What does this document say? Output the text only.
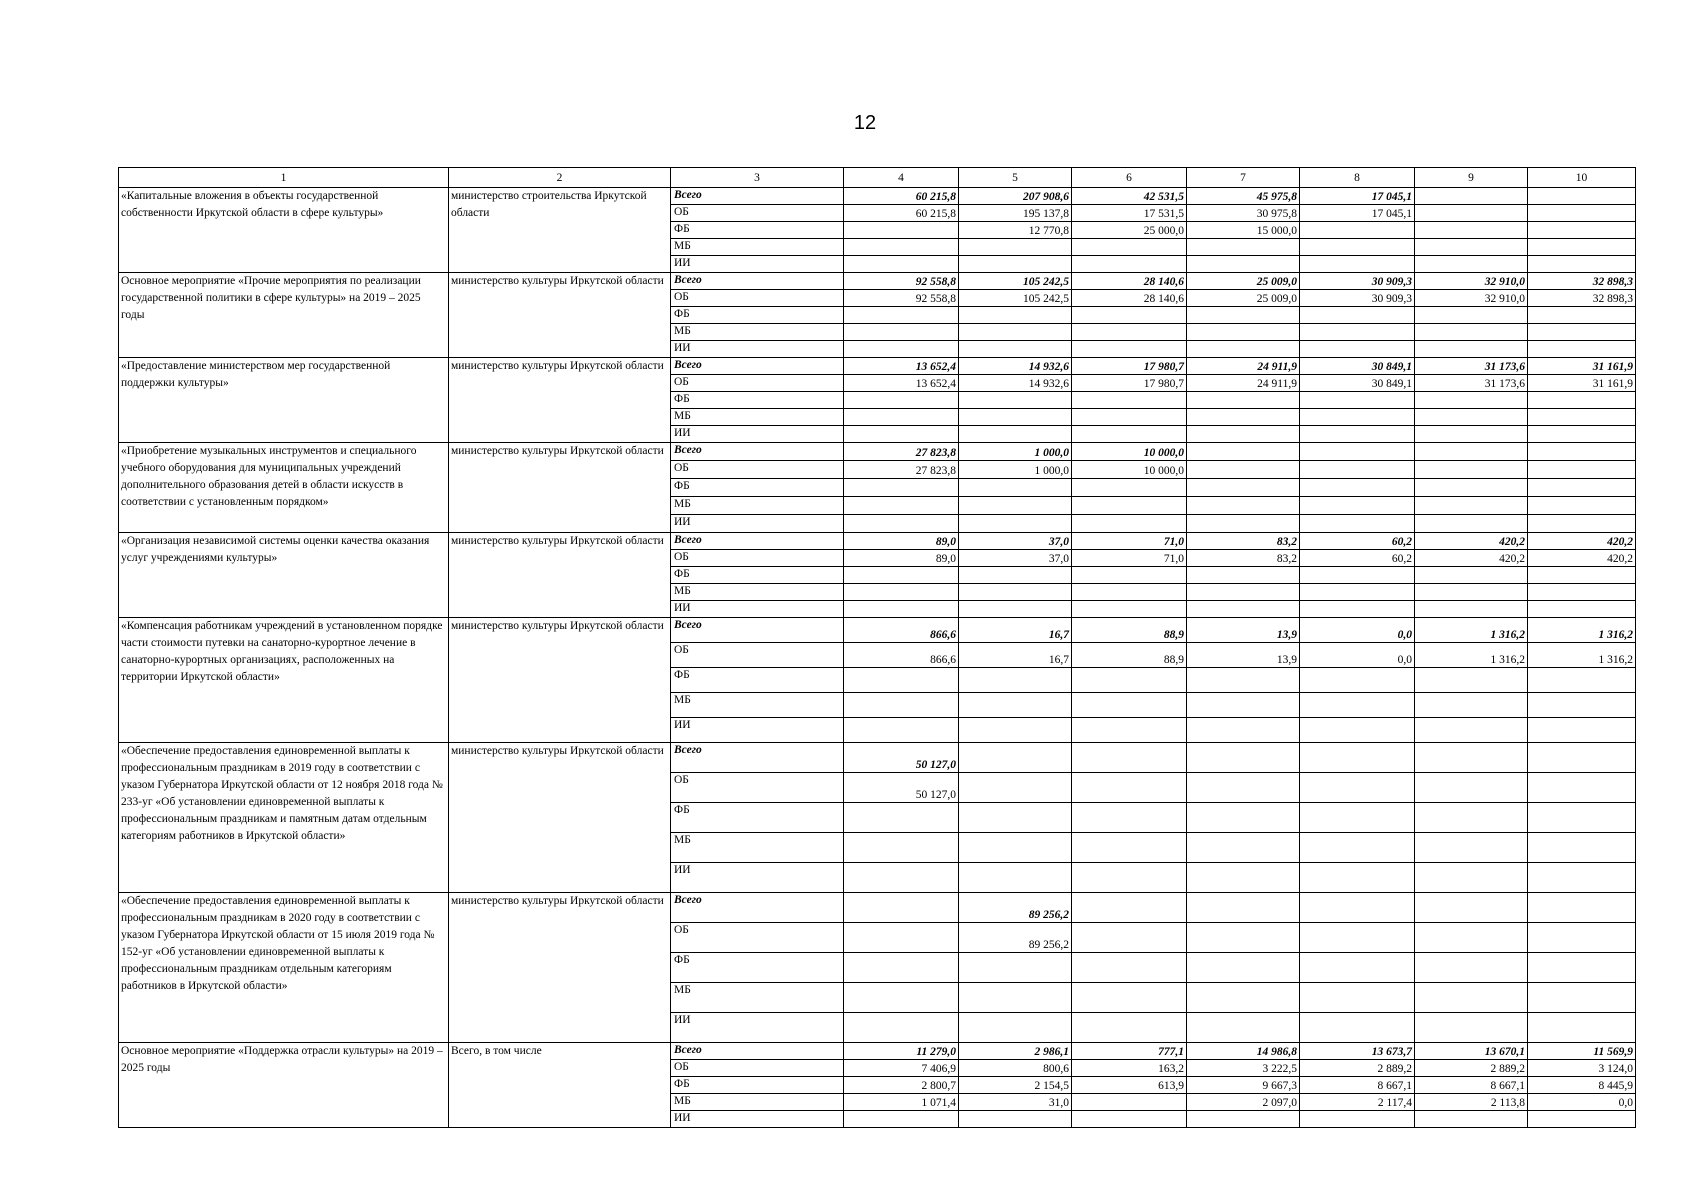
12
1	2	3	4	5	6	7	8	9	10
«Капитальные вложения в объекты государственной собственности Иркутской области в сфере культуры»	министерство строительства Иркутской области	Всего	60 215,8	207 908,6	42 531,5	45 975,8	17 045,1		
		ОБ	60 215,8	195 137,8	17 531,5	30 975,8	17 045,1		
		ФБ		12 770,8	25 000,0	15 000,0			
		МБ							
		ИИ							
Основное мероприятие «Прочие мероприятия по реализации государственной политики в сфере культуры» на 2019 – 2025 годы	министерство культуры Иркутской области	Всего	92 558,8	105 242,5	28 140,6	25 009,0	30 909,3	32 910,0	32 898,3
		ОБ	92 558,8	105 242,5	28 140,6	25 009,0	30 909,3	32 910,0	32 898,3
		ФБ							
		МБ							
		ИИ							
«Предоставление министерством мер государственной поддержки культуры»	министерство культуры Иркутской области	Всего	13 652,4	14 932,6	17 980,7	24 911,9	30 849,1	31 173,6	31 161,9
		ОБ	13 652,4	14 932,6	17 980,7	24 911,9	30 849,1	31 173,6	31 161,9
		ФБ							
		МБ							
		ИИ							
«Приобретение музыкальных инструментов и специального учебного оборудования для муниципальных учреждений дополнительного образования детей в области искусств в соответствии с установленным порядком»	министерство культуры Иркутской области	Всего	27 823,8	1 000,0	10 000,0				
		ОБ	27 823,8	1 000,0	10 000,0				
		ФБ							
		МБ							
		ИИ							
«Организация независимой системы оценки качества оказания услуг учреждениями культуры»	министерство культуры Иркутской области	Всего	89,0	37,0	71,0	83,2	60,2	420,2	420,2
		ОБ	89,0	37,0	71,0	83,2	60,2	420,2	420,2
		ФБ							
		МБ							
		ИИ							
«Компенсация работникам учреждений в установленном порядке части стоимости путевки на санаторно-курортное лечение в санаторно-курортных организациях, расположенных на территории Иркутской области»	министерство культуры Иркутской области	Всего	866,6	16,7	88,9	13,9	0,0	1 316,2	1 316,2
		ОБ	866,6	16,7	88,9	13,9	0,0	1 316,2	1 316,2
		ФБ							
		МБ							
		ИИ							
«Обеспечение предоставления единовременной выплаты к профессиональным праздникам в 2019 году в соответствии с указом Губернатора Иркутской области от 12 ноября 2018 года № 233-уг «Об установлении единовременной выплаты к профессиональным праздникам и памятным датам отдельным категориям работников в Иркутской области»	министерство культуры Иркутской области	Всего	50 127,0						
		ОБ	50 127,0						
		ФБ							
		МБ							
		ИИ							
«Обеспечение предоставления единовременной выплаты к профессиональным праздникам в 2020 году в соответствии с указом Губернатора Иркутской области от 15 июля 2019 года № 152-уг «Об установлении единовременной выплаты к профессиональным праздникам отдельным категориям работников в Иркутской области»	министерство культуры Иркутской области	Всего		89 256,2					
		ОБ		89 256,2					
		ФБ							
		МБ							
		ИИ							
Основное мероприятие «Поддержка отрасли культуры» на 2019 – 2025 годы	Всего, в том числе	Всего	11 279,0	2 986,1	777,1	14 986,8	13 673,7	13 670,1	11 569,9
		ОБ	7 406,9	800,6	163,2	3 222,5	2 889,2	2 889,2	3 124,0
		ФБ	2 800,7	2 154,5	613,9	9 667,3	8 667,1	8 667,1	8 445,9
		МБ	1 071,4	31,0		2 097,0	2 117,4	2 113,8	0,0
		ИИ							
